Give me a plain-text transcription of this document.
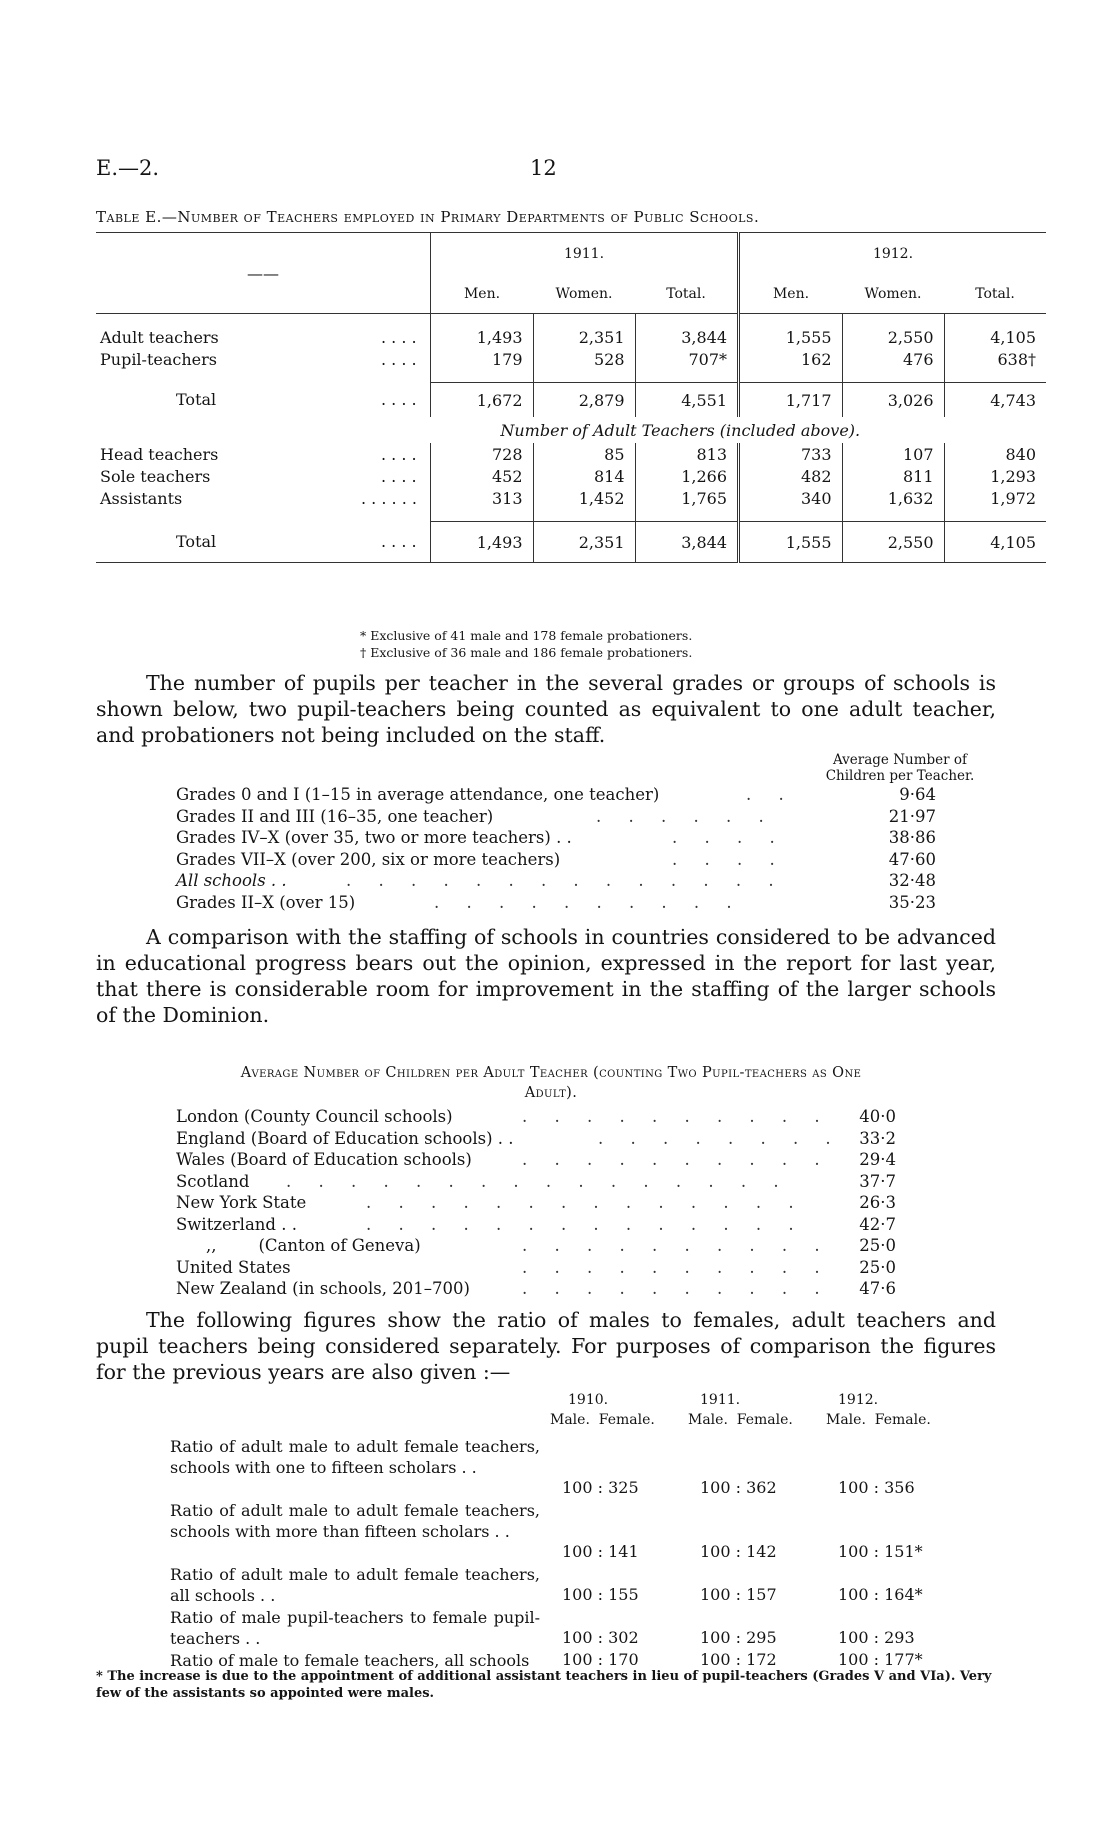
E.—2.	12
Table E.—Number of Teachers employed in Primary Departments of Public Schools.
——	1911.			1912.		
	Men.	Women.	Total.	Men.	Women.	Total.

Adult teachers . . . .	1,493	2,351	3,844	1,555	2,550	4,105
Pupil-teachers . . . .	179	528	707*	162	476	638†

Total . . . .	1,672	2,879	4,551	1,717	3,026	4,743
	Number of Adult Teachers (included above).					
Head teachers . . . .	728	85	813	733	107	840
Sole teachers . . . .	452	814	1,266	482	811	1,293
Assistants . . . . . .	313	1,452	1,765	340	1,632	1,972

Total . . . .	1,493	2,351	3,844	1,555	2,550	4,105
* Exclusive of 41 male and 178 female probationers.
† Exclusive of 36 male and 186 female probationers.
The number of pupils per teacher in the several grades or groups of schools is shown below, two pupil-teachers being counted as equivalent to one adult teacher, and probationers not being included on the staff.
Average Number of
Children per Teacher.
Grades 0 and I (1–15 in average attendance, one teacher)	. .	9·64
Grades II and III (16–35, one teacher)	. . . . . .	21·97
Grades IV–X (over 35, two or more teachers) . .	. . . .	38·86
Grades VII–X (over 200, six or more teachers)	. . . .	47·60
All schools . .	. . . . . . . . . . . . . .	32·48
Grades II–X (over 15)	. . . . . . . . . .	35·23
A comparison with the staffing of schools in countries considered to be advanced in educational progress bears out the opinion, expressed in the report for last year, that there is considerable room for improvement in the staffing of the larger schools of the Dominion.
Average Number of Children per Adult Teacher (counting Two Pupil-teachers as One
Adult).
London (County Council schools)	. . . . . . . . . .	40·0
England (Board of Education schools) . .	. . . . . . . .	33·2
Wales (Board of Education schools)	. . . . . . . . . .	29·4
Scotland . . . . . . . . . . . . . . . .	37·7
New York State	. . . . . . . . . . . . . .	26·3
Switzerland . .	. . . . . . . . . . . . . .	42·7
,,        (Canton of Geneva)	. . . . . . . . . .	25·0
United States	. . . . . . . . . .	25·0
New Zealand (in schools, 201–700)	. . . . . . . . . .	47·6
The following figures show the ratio of males to females, adult teachers and pupil teachers being considered separately. For purposes of comparison the figures for the previous years are also given :—
1910.	1911.	1912.
Male.  Female. Male.  Female. Male.  Female.
Ratio of adult male to adult female teachers, schools with one to fifteen scholars . .
100 : 325	100 : 362	100 : 356
Ratio of adult male to adult female teachers, schools with more than fifteen scholars . .
100 : 141	100 : 142	100 : 151*
Ratio of adult male to adult female teachers, all schools . .	100 : 155	100 : 157	100 : 164*
Ratio of male pupil-teachers to female pupil-teachers . .	100 : 302	100 : 295	100 : 293
Ratio of male to female teachers, all schools	100 : 170	100 : 172	100 : 177*
* The increase is due to the appointment of additional assistant teachers in lieu of pupil-teachers (Grades V and VIa). Very few of the assistants so appointed were males.
